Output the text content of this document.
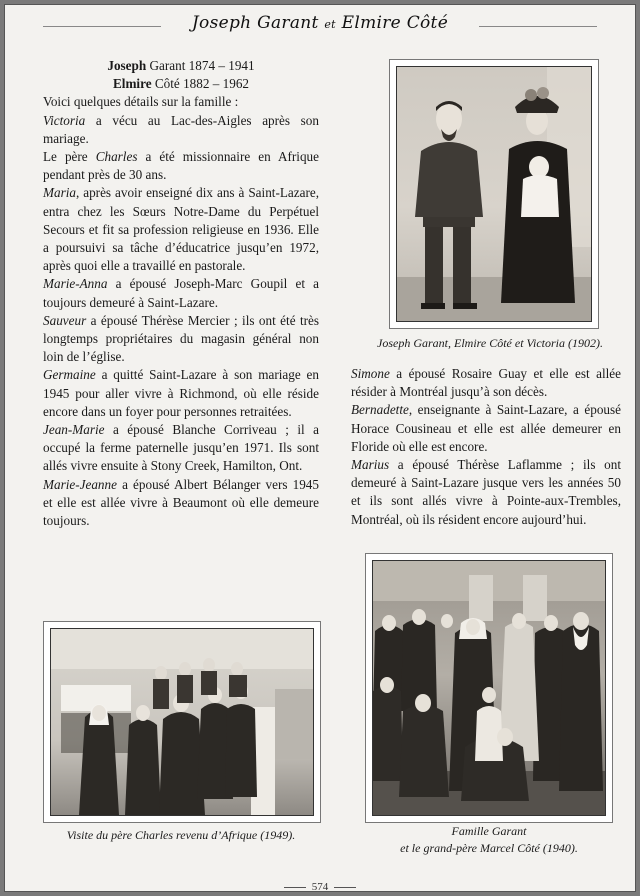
Joseph Garant et Elmire Côté

Joseph Garant 1874 – 1941

Elmire Côté 1882 – 1962

Voici quelques détails sur la famille :

Victoria a vécu au Lac-des-Aigles après son mariage.

Le père Charles a été missionnaire en Afrique pendant près de 30 ans.

Maria, après avoir enseigné dix ans à Saint-Lazare, entra chez les Sœurs Notre-Dame du Perpétuel Secours et fit sa profession religieuse en 1936. Elle a poursuivi sa tâche d’éducatrice jusqu’en 1972, après quoi elle a travaillé en pastorale.

Marie-Anna a épousé Joseph-Marc Goupil et a toujours demeuré à Saint-Lazare.

Sauveur a épousé Thérèse Mercier ; ils ont été très longtemps propriétaires du magasin général non loin de l’église.

Germaine a quitté Saint-Lazare à son mariage en 1945 pour aller vivre à Richmond, où elle réside encore dans un foyer pour personnes retraitées.

Jean-Marie a épousé Blanche Corriveau ; il a occupé la ferme paternelle jusqu’en 1971. Ils sont allés vivre ensuite à Stony Creek, Hamilton, Ont.

Marie-Jeanne a épousé Albert Bélanger vers 1945 et elle est allée vivre à Beaumont où elle demeure toujours.

Joseph Garant, Elmire Côté et Victoria (1902).

Simone a épousé Rosaire Guay et elle est allée résider à Montréal jusqu’à son décès.

Bernadette, enseignante à Saint-Lazare, a épousé Horace Cousineau et elle est allée demeurer en Floride où elle est encore.

Marius a épousé Thérèse Laflamme ; ils ont demeuré à Saint-Lazare jusque vers les années 50 et ils sont allés vivre à Pointe-aux-Trembles, Montréal, où ils résident encore aujourd’hui.

Visite du père Charles revenu d’Afrique (1949).	Famille Garant
et le grand-père Marcel Côté (1940).
574
